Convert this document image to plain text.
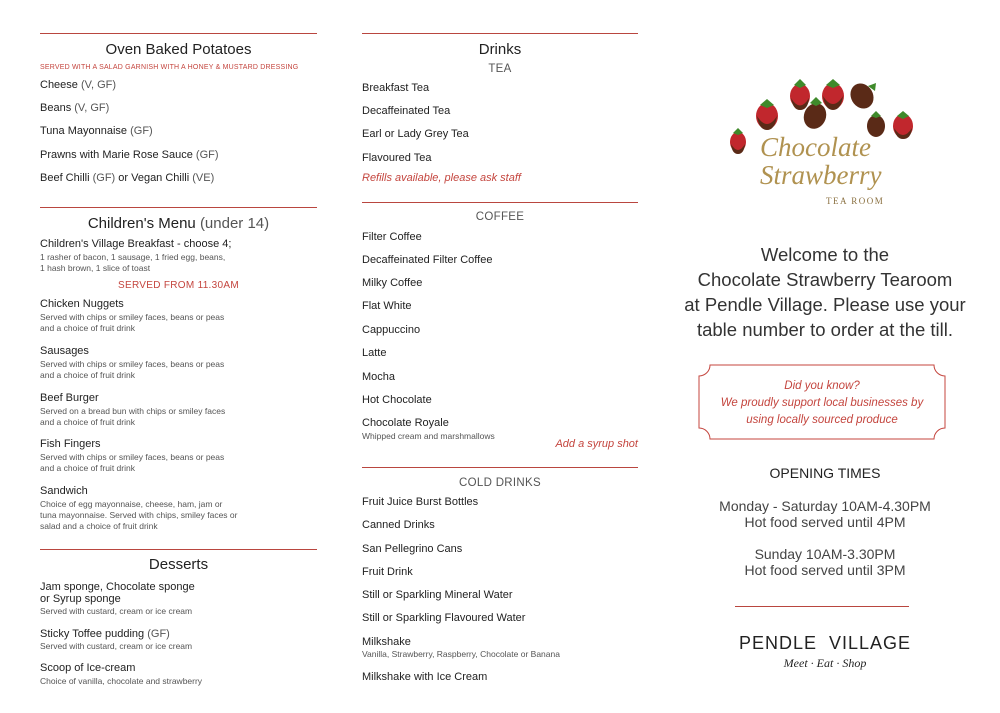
Oven Baked Potatoes
SERVED WITH A SALAD GARNISH WITH A HONEY & MUSTARD DRESSING
Cheese (V, GF)
Beans (V, GF)
Tuna Mayonnaise (GF)
Prawns with Marie Rose Sauce (GF)
Beef Chilli (GF) or Vegan Chilli (VE)
Children's Menu (under 14)
Children's Village Breakfast - choose 4;
1 rasher of bacon, 1 sausage, 1 fried egg, beans,
1 hash brown, 1 slice of toast
SERVED FROM 11.30AM
Chicken Nuggets
Served with chips or smiley faces, beans or peas
and a choice of fruit drink
Sausages
Served with chips or smiley faces, beans or peas
and a choice of fruit drink
Beef Burger
Served on a bread bun with chips or smiley faces
and a choice of fruit drink
Fish Fingers
Served with chips or smiley faces, beans or peas
and a choice of fruit drink
Sandwich
Choice of egg mayonnaise, cheese, ham, jam or
tuna mayonnaise. Served with chips, smiley faces or
salad and a choice of fruit drink
Desserts
Jam sponge, Chocolate sponge
or Syrup sponge
Served with custard, cream or ice cream
Sticky Toffee pudding (GF)
Served with custard, cream or ice cream
Scoop of Ice-cream
Choice of vanilla, chocolate and strawberry
Drinks
TEA
Breakfast Tea
Decaffeinated Tea
Earl or Lady Grey Tea
Flavoured Tea
Refills available, please ask staff
COFFEE
Filter Coffee
Decaffeinated Filter Coffee
Milky Coffee
Flat White
Cappuccino
Latte
Mocha
Hot Chocolate
Chocolate Royale
Whipped cream and marshmallows
Add a syrup shot
COLD DRINKS
Fruit Juice Burst Bottles
Canned Drinks
San Pellegrino Cans
Fruit Drink
Still or Sparkling Mineral Water
Still or Sparkling Flavoured Water
Milkshake
Vanilla, Strawberry, Raspberry, Chocolate or Banana
Milkshake with Ice Cream
Chocolate
Strawberry
TEA ROOM
Welcome to the
Chocolate Strawberry Tearoom
at Pendle Village. Please use your
table number to order at the till.
Did you know?
We proudly support local businesses by
using locally sourced produce
OPENING TIMES
Monday - Saturday 10AM-4.30PM
Hot food served until 4PM
Sunday 10AM-3.30PM
Hot food served until 3PM
PENDLE  VILLAGE
Meet · Eat · Shop
